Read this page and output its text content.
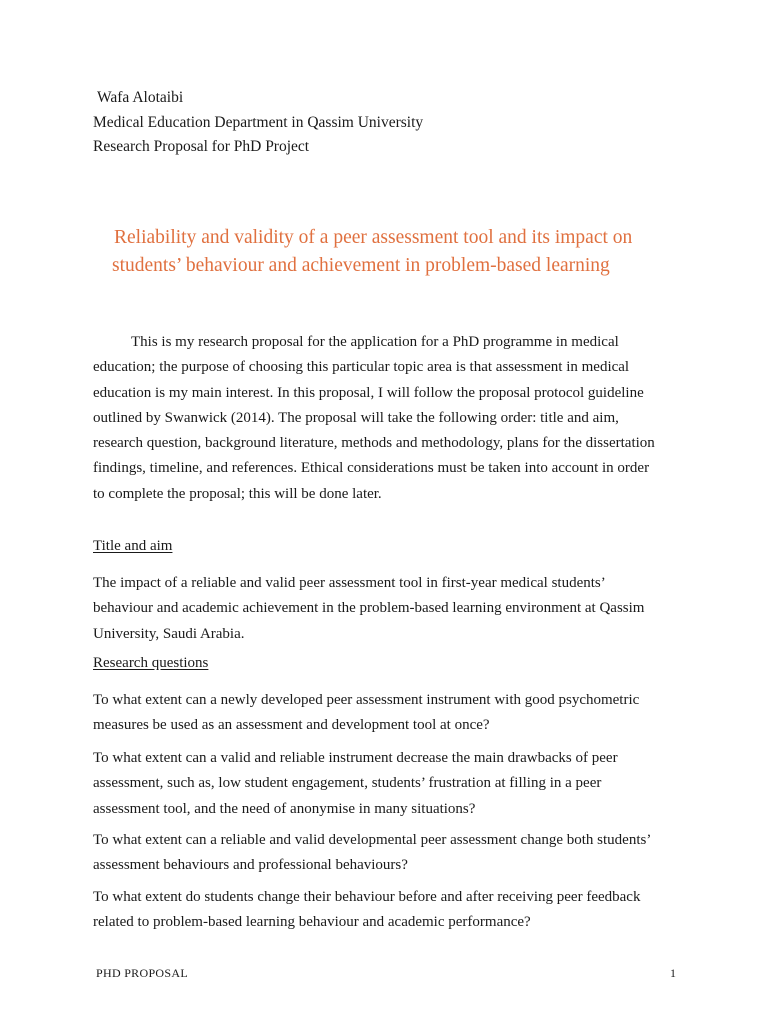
Wafa Alotaibi
Medical Education Department in Qassim University
Research Proposal for PhD Project
Reliability and validity of a peer assessment tool and its impact on
students’ behaviour and achievement in problem-based learning

This is my research proposal for the application for a PhD programme in medical
education; the purpose of choosing this particular topic area is that assessment in medical
education is my main interest. In this proposal, I will follow the proposal protocol guideline
outlined by Swanwick (2014). The proposal will take the following order: title and aim,
research question, background literature, methods and methodology, plans for the dissertation
findings, timeline, and references. Ethical considerations must be taken into account in order
to complete the proposal; this will be done later.

Title and aim

The impact of a reliable and valid peer assessment tool in first-year medical students’
behaviour and academic achievement in the problem-based learning environment at Qassim
University, Saudi Arabia.

Research questions

To what extent can a newly developed peer assessment instrument with good psychometric
measures be used as an assessment and development tool at once?

To what extent can a valid and reliable instrument decrease the main drawbacks of peer
assessment, such as, low student engagement, students’ frustration at filling in a peer
assessment tool, and the need of anonymise in many situations?

To what extent can a reliable and valid developmental peer assessment change both students’
assessment behaviours and professional behaviours?

To what extent do students change their behaviour before and after receiving peer feedback
related to problem-based learning behaviour and academic performance?

PHD PROPOSAL	1
